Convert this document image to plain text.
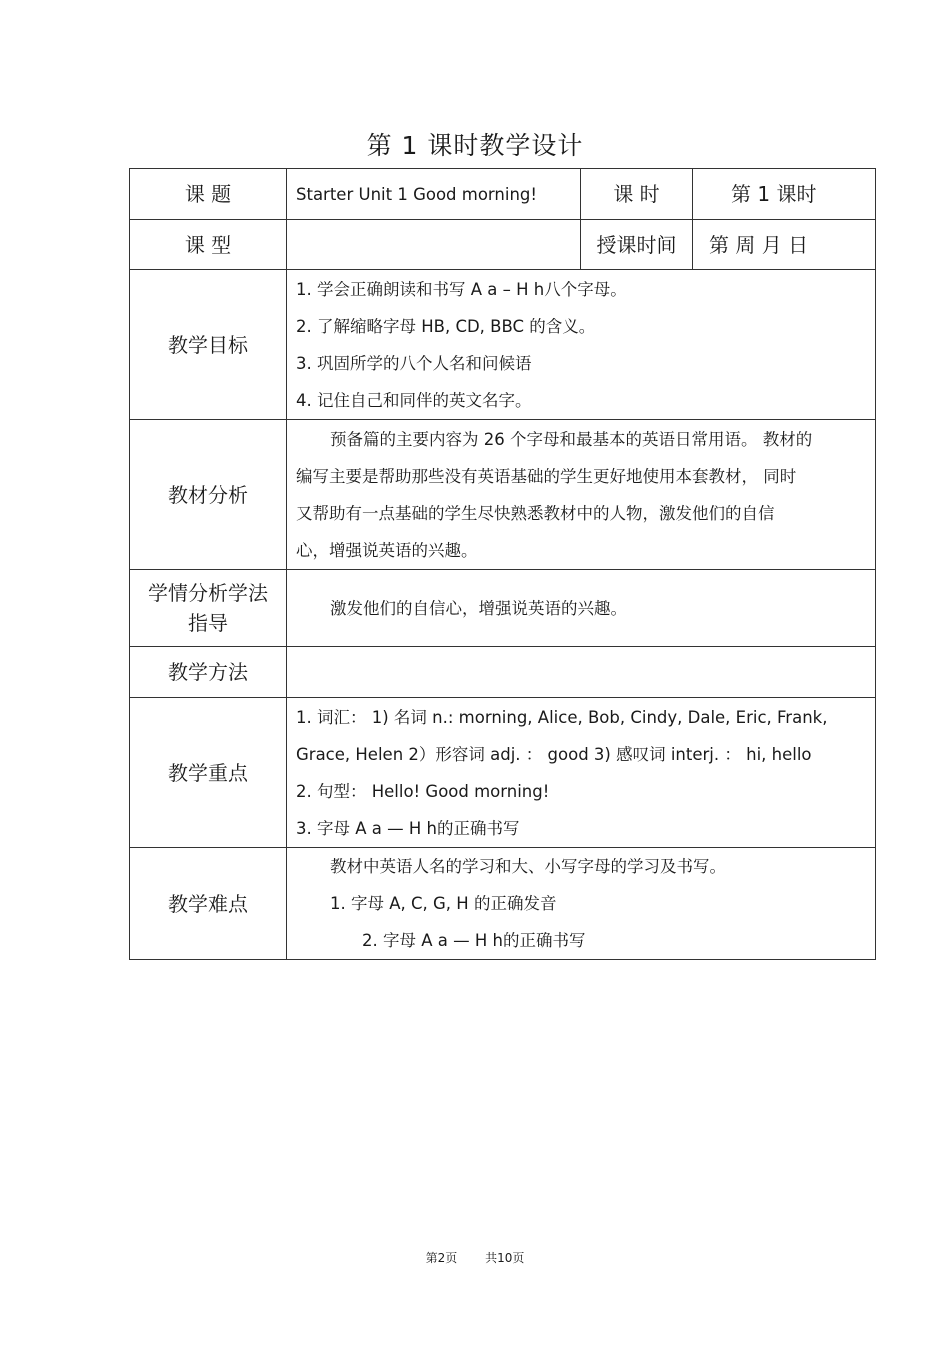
第 1 课时教学设计
课 题	Starter Unit 1 Good morning!	课 时	第 1 课时
课 型		授课时间	第 周 月 日
教学目标	1. 学会正确朗读和书写 A a – H h八个字母。
2. 了解缩略字母 HB, CD, BBC 的含义。
3. 巩固所学的八个人名和问候语
4. 记住自己和同伴的英文名字。		

教材分析	预备篇的主要内容为 26 个字母和最基本的英语日常用语。 教材的
编写主要是帮助那些没有英语基础的学生更好地使用本套教材， 同时
又帮助有一点基础的学生尽快熟悉教材中的人物，激发他们的自信
心，增强说英语的兴趣。		

学情分析学法
指导	激发他们的自信心，增强说英语的兴趣。		

教学方法			
教学重点	1. 词汇： 1) 名词 n.: morning, Alice, Bob, Cindy, Dale, Eric, Frank,
Grace, Helen 2）形容词 adj. ： good 3) 感叹词 interj. ： hi, hello
2. 句型： Hello! Good morning!
3. 字母 A a — H h的正确书写		

教学难点	教材中英语人名的学习和大、小写字母的学习及书写。
1. 字母 A, C, G, H 的正确发音
2. 字母 A a — H h的正确书写		
第2页 共10页
